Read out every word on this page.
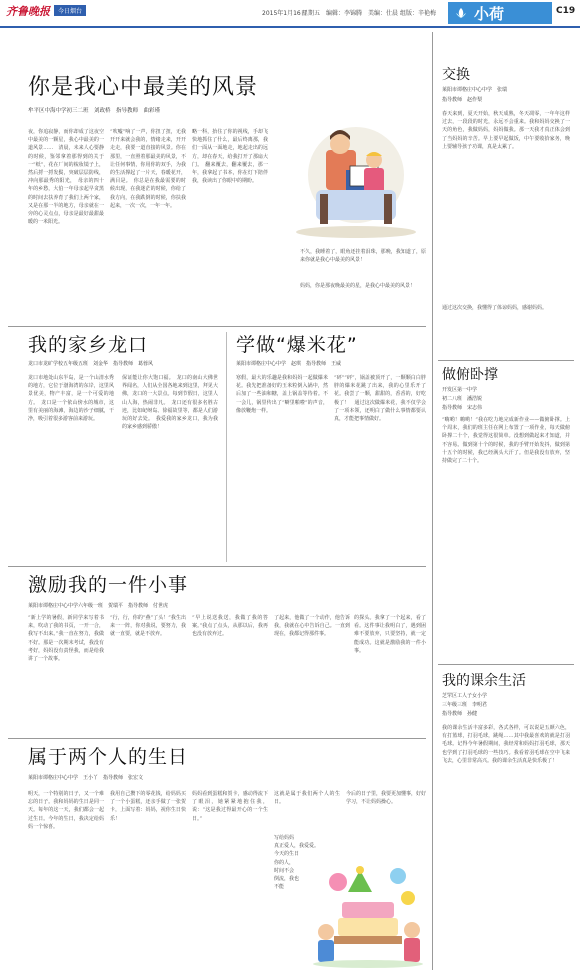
齐鲁晚报	今日烟台	2015年1月16日
星期五 编辑：李锦腾 美编：仕晨 组版：辛艳梅	小荷	C19
你是我心中最美的风景
牟平区中海中学初三二班　刘政桥　指导教师　曲彩瑾
夜，你追寂静，而你却成了这夜空中最美的一颗星，我心中最美的一道风景……　清晨，未来人心要静的时候，鉴邻拿着那得到的关于一“纸”，花在厂间的梳妆镜子上，然后捋一捋发鬓，突破层层防线，冲向那最秀的阳光，　母亲的四十年的乡愁，大伯一年母亲起早贪黑的时间去扶养育了我们上两个家，又是在那一半的地方，母亲就在一旁的心灵点点，母亲是最好最甜最暖的一米阳光。
“吹嘘”响了一声，你扭了扭，无我开开来就会我的，情绪走来，开开走走，我要一道直接的风景。你在那里，一直照着那最美的风景，不让任何事情，你用你的双手，为我的生活撑起了一片天，春暖花开，满目是。　你总是在我最需要的时候出现，在我迷茫的时候，你给了我方向，在我跌倒的时候，你扶我起来，一次一次，一年一年。
略一科，抬住了你的视线，手却飞快地抓住了什么，最后终离那，我们一面从一面地走，地起走出的远方，却在春天，给我打开了那扇大门。　翻来覆去，翻来覆去，那一年，我拿起了书本，你在灯下陪伴我，我读出了你眼中的期盼。
不久，我睡着了，眼角还挂着泪珠，那晚，我知道了，原来你就是我心中最美的风景！
妈妈，你是那夜晚最美的星，是我心中最美的风景！
我的家乡龙口
龙口市龙矿学校五年级五班　刘金华　指导教师　葛蓉风
龙口市地处山东半岛，是一个山清水秀的地方，它位于渤海湾的东岸，这里风景优美，物产丰富，是一个可爱的地方。　龙口是一个依山傍水的城市，这里有美丽的海滩，海边的沙子细腻，干净，吸引着很多游客前来游玩。
保证能让你大饱口福。　龙口的南山大佛世界闻名，人们从全国各地来到这里，拜见大佛，龙口的一大景点。每到节假日，这里人山人海，热闹非凡。　龙口还有很多名胜古迹，比如屺岈岛、徐福故里等，都是人们游玩的好去处。　我爱我的家乡龙口，我为我的家乡感到骄傲！
学做“爆米花”
莱阳市谭格庄中心中学　赵琪　指导教师　王威
寒假，最大的乐趣是我和妈妈一起做爆米花。我先把准备好的玉米粒倒入锅中，然后加了一些油和糖，盖上锅盖等待着。不一会儿，锅里传出了“噼里啪啦”的声音，像放鞭炮一样。
“砰”“砰”，锅盖被顶开了，一颗颗白白胖胖的爆米花跳了出来，我的心里乐开了花。我尝了一颗，甜甜的，香香的，好吃极了！　通过这次做爆米花，我不仅学会了一项本领，还明白了做什么事情都要认真，才能把事情做好。
激励我的一件小事
莱阳市谭格庄中心中学六年级一班　贺瑞平　指导教师　付世虎
“新上学的暑假，新同学来写着书来，吹动了我的书页，一开一合，我写不出来。”我一直在努力，我做不好。那是一次期末考试，我没有考好，妈妈没有责怪我，而是给我讲了一个故事。
“行，行，你的“燕”了头！”我生出来一一阵，你对我说，要努力，我就一直要，就是不放弃。
“早上说送我送，我做了我的答案。”我点了点头，从那以后，我再也没有放弃过。
了起来，他做了一个动作，他告诉我，我就在心中告诉自己。一直到现在，我都记得那件事。
的探头。我拿了一个起来，看了看。这件事让我明白了，遇到困难不要放弃，只要坚持，就一定能成功。这就是激励我的一件小事。
属于两个人的生日
莱阳市谭格庄中心中学　王小丫　指导教师　张宏文
明天，一个特别的日子，又一个难忘的日子。我和妈妈的生日是同一天。每年的这一天，我们都会一起过生日。今年的生日，我决定给妈妈一个惊喜。
我用自己攒下的零花钱，给妈妈买了一个小蛋糕，还亲手做了一张贺卡，上面写着：妈妈，祝你生日快乐！
妈妈看到蛋糕和贺卡，感动得流下了眼泪，她紧紧地抱住我，说：“这是我过得最开心的一个生日。”
这就是属于我们两个人的生日。
今后的日子里，我要更加懂事，好好学习，不让妈妈操心。
写给妈妈
真正爱人，我爱爱。
今天的生日
你的人，
时间不会
倒流，我也
不能
交换
莱阳市谭格庄中心中学　张瑞
指导教师　赵作梨
春天来到，夏天开始，秋天成熟，冬天凋零，一年年这样过去，一段段的时光，永远不会重来。我和妈妈交换了一天的角色，我做妈妈，妈妈做我。那一天我才真正体会到了当妈妈的辛苦。早上要早起做饭，中午要收拾家务，晚上要辅导孩子功课，真是太累了。
通过这次交换，我懂得了体谅妈妈，感谢妈妈。
做俯卧撑
开发区第一中学
初二八班　潘浩锐
指导教师　宋志伟
“嗨哟！嗨哟！”我在吃力地完成新作业——做俯卧撑。上个周末，我们的班主任在网上布置了一项作业，每天做俯卧撑二十个，我觉得这很简单。没想到做起来才知道，并不容易。做到第十个的时候，我的手臂开始发抖，做到第十五个的时候，我已经满头大汗了。但是我没有放弃，坚持做完了二十个。
我的课余生活
芝罘区工人子女小学
三年级三班　李明君
指导教师　孙健
我的课余生活丰富多彩，各式各样，可以说是五颜六色，有打篮球，打羽毛球，跳绳……其中我最喜欢的就是打羽毛球。记得今年暑假期间，我经常和妈妈打羽毛球，那天也学到了打羽毛球的一些技巧。我看着羽毛球在空中飞来飞去，心里非常高兴。我的课余生活真是快乐极了！
